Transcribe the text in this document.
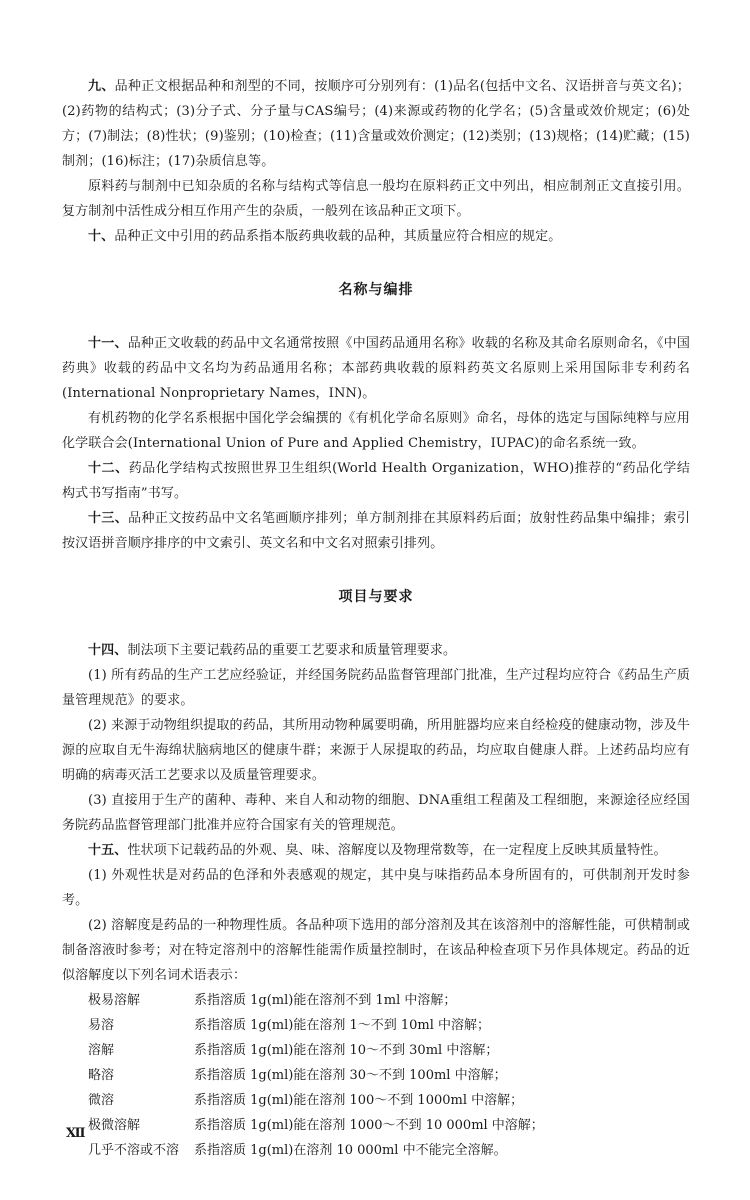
九、品种正文根据品种和剂型的不同，按顺序可分别列有：(1)品名(包括中文名、汉语拼音与英文名)；(2)药物的结构式；(3)分子式、分子量与CAS编号；(4)来源或药物的化学名；(5)含量或效价规定；(6)处方；(7)制法；(8)性状；(9)鉴别；(10)检查；(11)含量或效价测定；(12)类别；(13)规格；(14)贮藏；(15)制剂；(16)标注；(17)杂质信息等。

原料药与制剂中已知杂质的名称与结构式等信息一般均在原料药正文中列出，相应制剂正文直接引用。复方制剂中活性成分相互作用产生的杂质，一般列在该品种正文项下。

十、品种正文中引用的药品系指本版药典收载的品种，其质量应符合相应的规定。

名称与编排

十一、品种正文收载的药品中文名通常按照《中国药品通用名称》收载的名称及其命名原则命名，《中国药典》收载的药品中文名均为药品通用名称；本部药典收载的原料药英文名原则上采用国际非专利药名(International Nonproprietary Names，INN)。

有机药物的化学名系根据中国化学会编撰的《有机化学命名原则》命名，母体的选定与国际纯粹与应用化学联合会(International Union of Pure and Applied Chemistry，IUPAC)的命名系统一致。

十二、药品化学结构式按照世界卫生组织(World Health Organization，WHO)推荐的“药品化学结构式书写指南”书写。

十三、品种正文按药品中文名笔画顺序排列；单方制剂排在其原料药后面；放射性药品集中编排；索引按汉语拼音顺序排序的中文索引、英文名和中文名对照索引排列。

项目与要求

十四、制法项下主要记载药品的重要工艺要求和质量管理要求。

(1) 所有药品的生产工艺应经验证，并经国务院药品监督管理部门批准，生产过程均应符合《药品生产质量管理规范》的要求。

(2) 来源于动物组织提取的药品，其所用动物种属要明确，所用脏器均应来自经检疫的健康动物，涉及牛源的应取自无牛海绵状脑病地区的健康牛群；来源于人尿提取的药品，均应取自健康人群。上述药品均应有明确的病毒灭活工艺要求以及质量管理要求。

(3) 直接用于生产的菌种、毒种、来自人和动物的细胞、DNA重组工程菌及工程细胞，来源途径应经国务院药品监督管理部门批准并应符合国家有关的管理规范。

十五、性状项下记载药品的外观、臭、味、溶解度以及物理常数等，在一定程度上反映其质量特性。

(1) 外观性状是对药品的色泽和外表感观的规定，其中臭与味指药品本身所固有的，可供制剂开发时参考。

(2) 溶解度是药品的一种物理性质。各品种项下选用的部分溶剂及其在该溶剂中的溶解性能，可供精制或制备溶液时参考；对在特定溶剂中的溶解性能需作质量控制时，在该品种检查项下另作具体规定。药品的近似溶解度以下列名词术语表示：

极易溶解	系指溶质 1g(ml)能在溶剂不到 1ml 中溶解；
易溶	系指溶质 1g(ml)能在溶剂 1～不到 10ml 中溶解；
溶解	系指溶质 1g(ml)能在溶剂 10～不到 30ml 中溶解；
略溶	系指溶质 1g(ml)能在溶剂 30～不到 100ml 中溶解；
微溶	系指溶质 1g(ml)能在溶剂 100～不到 1000ml 中溶解；
极微溶解	系指溶质 1g(ml)能在溶剂 1000～不到 10 000ml 中溶解；
几乎不溶或不溶	系指溶质 1g(ml)在溶剂 10 000ml 中不能完全溶解。
Ⅻ
